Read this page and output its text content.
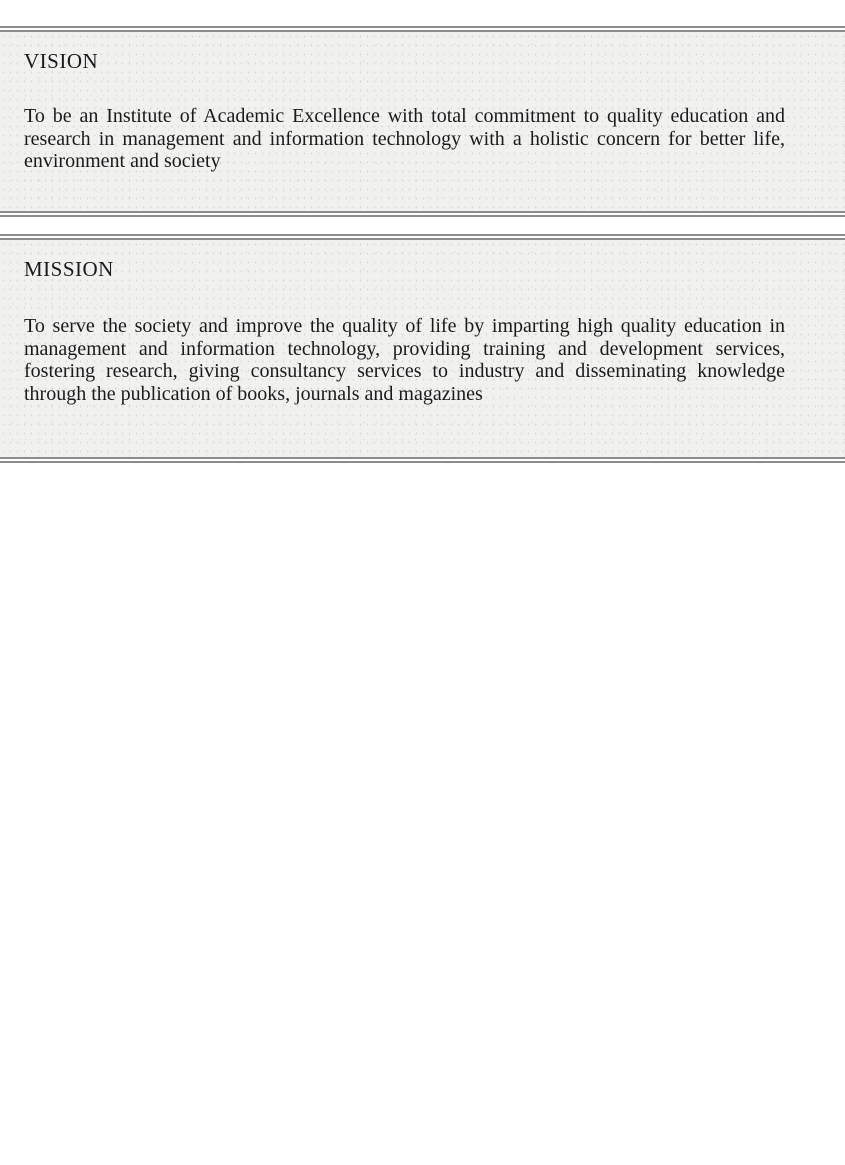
VISION

To be an Institute of Academic Excellence with total commitment to quality education and research in management and information technology with a holistic concern for better life, environment and society

MISSION

To serve the society and improve the quality of life by imparting high quality education in management and information technology, providing training and development services, fostering research, giving consultancy services to industry and disseminating knowledge through the publication of books, journals and magazines
